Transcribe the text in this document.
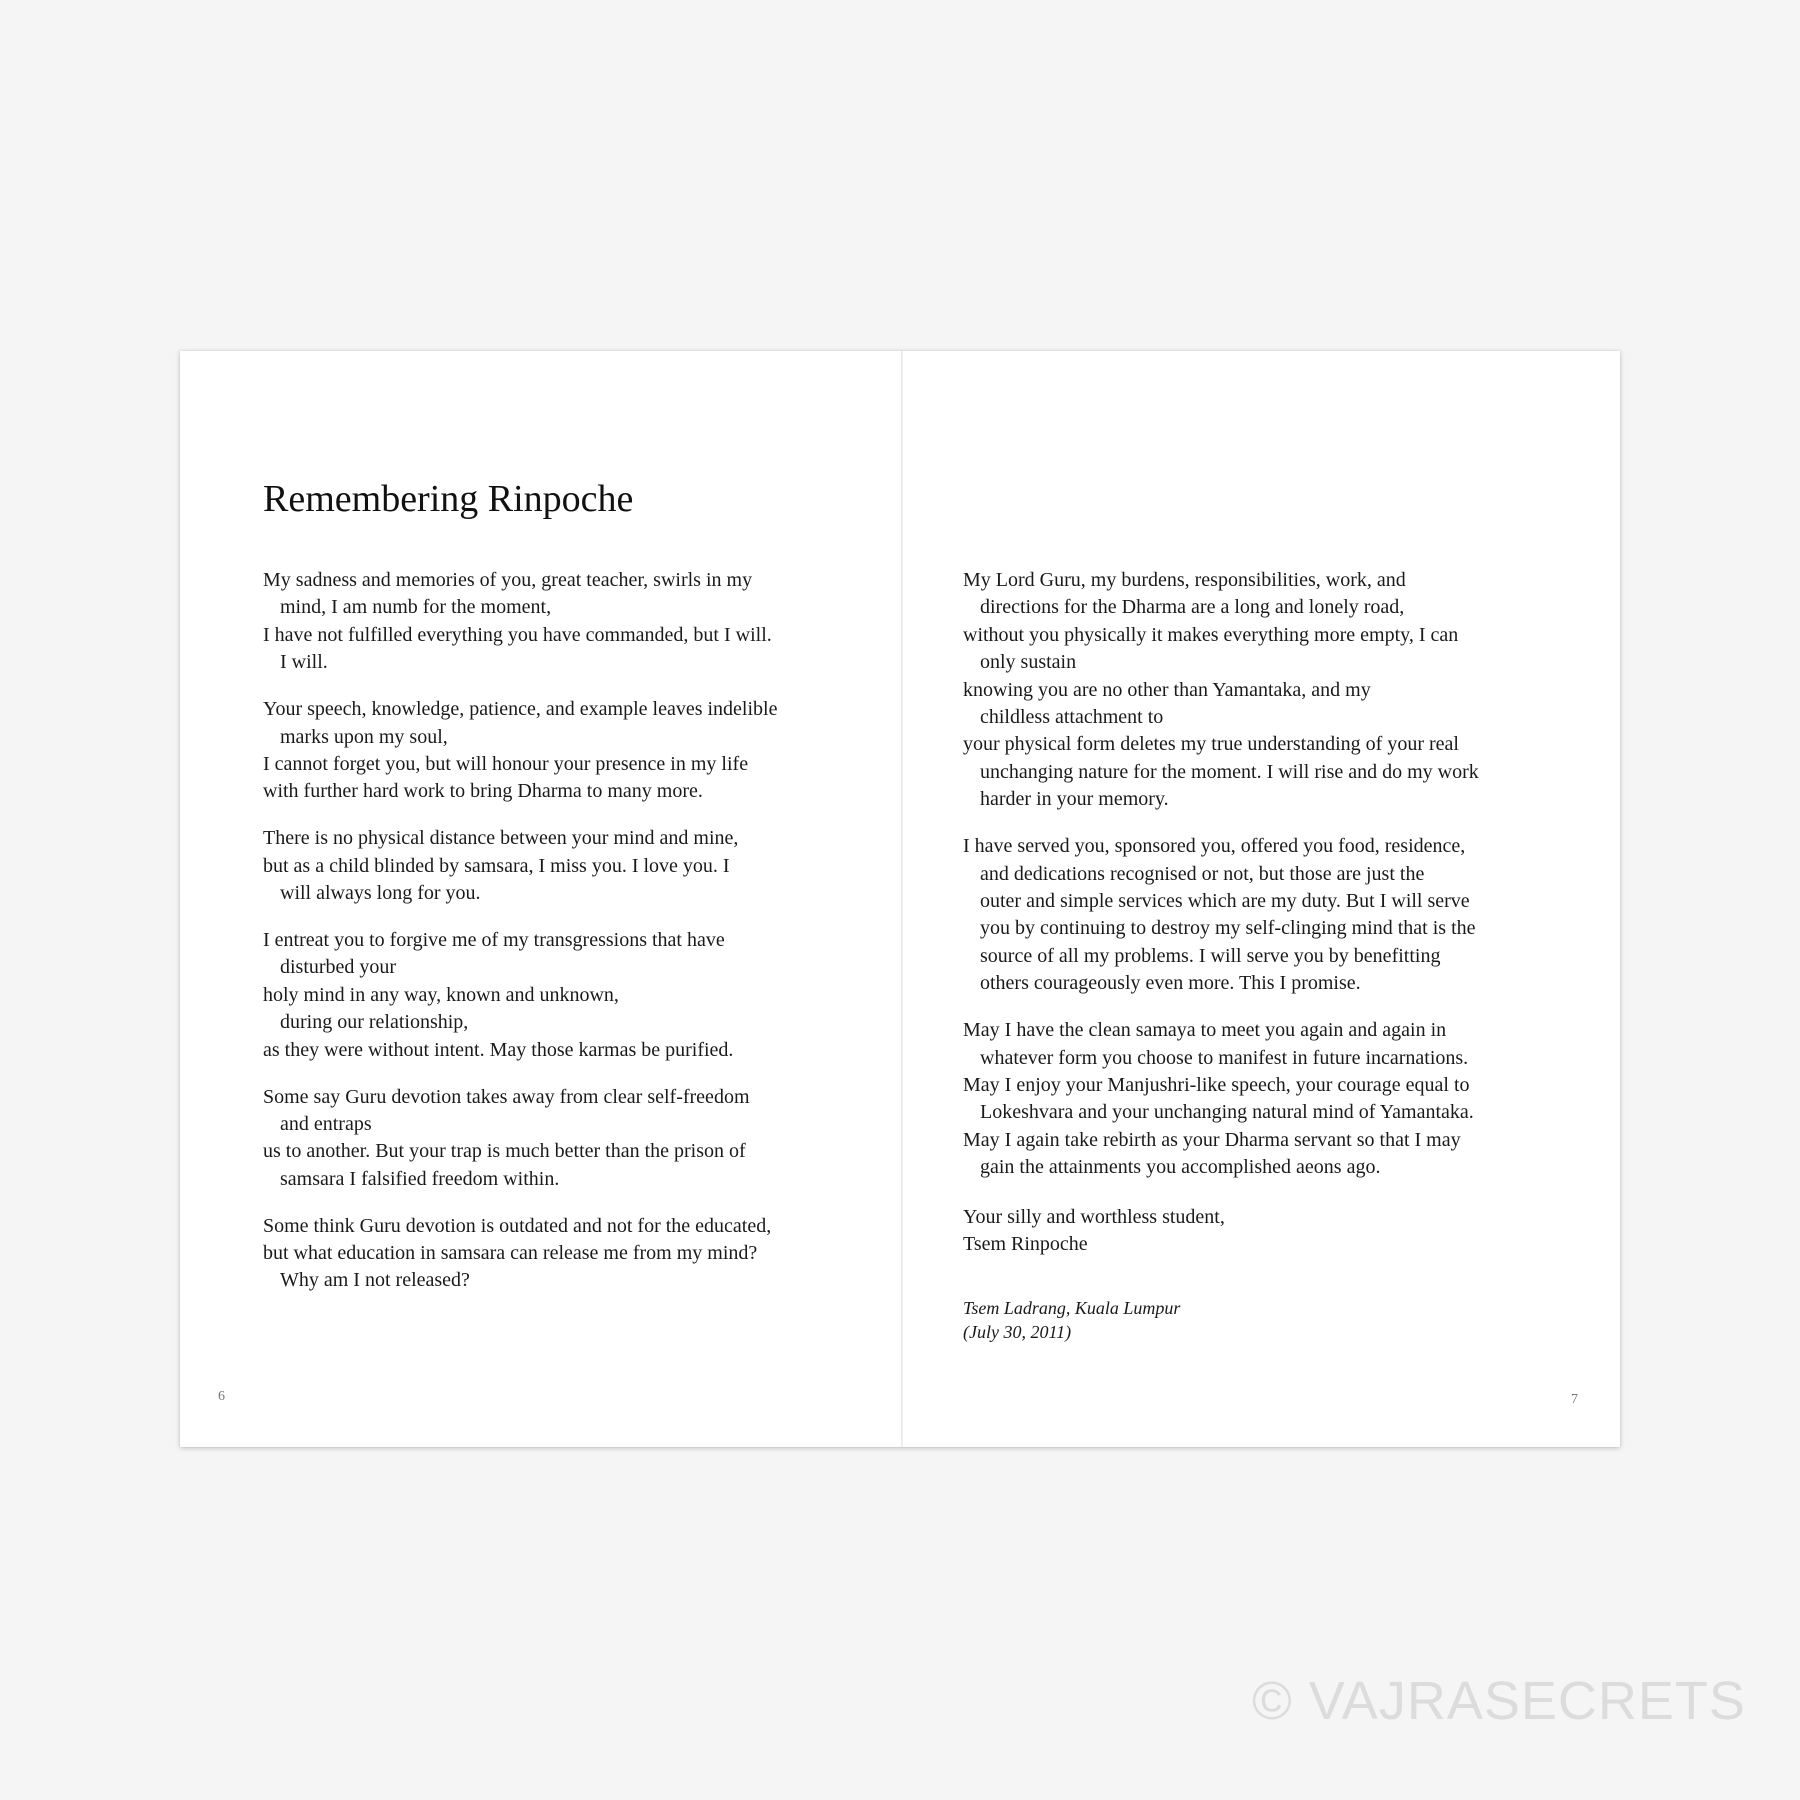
Remembering Rinpoche
My sadness and memories of you, great teacher, swirls in my
mind, I am numb for the moment,
I have not fulfilled everything you have commanded, but I will.
I will.
Your speech, knowledge, patience, and example leaves indelible
marks upon my soul,
I cannot forget you, but will honour your presence in my life
with further hard work to bring Dharma to many more.
There is no physical distance between your mind and mine,
but as a child blinded by samsara, I miss you. I love you. I
will always long for you.
I entreat you to forgive me of my transgressions that have
disturbed your
holy mind in any way, known and unknown,
during our relationship,
as they were without intent. May those karmas be purified.
Some say Guru devotion takes away from clear self-freedom
and entraps
us to another. But your trap is much better than the prison of
samsara I falsified freedom within.
Some think Guru devotion is outdated and not for the educated,
but what education in samsara can release me from my mind?
Why am I not released?
6
My Lord Guru, my burdens, responsibilities, work, and
directions for the Dharma are a long and lonely road,
without you physically it makes everything more empty, I can
only sustain
knowing you are no other than Yamantaka, and my
childless attachment to
your physical form deletes my true understanding of your real
unchanging nature for the moment. I will rise and do my work
harder in your memory.
I have served you, sponsored you, offered you food, residence,
and dedications recognised or not, but those are just the
outer and simple services which are my duty. But I will serve
you by continuing to destroy my self-clinging mind that is the
source of all my problems. I will serve you by benefitting
others courageously even more. This I promise.
May I have the clean samaya to meet you again and again in
whatever form you choose to manifest in future incarnations.
May I enjoy your Manjushri-like speech, your courage equal to
Lokeshvara and your unchanging natural mind of Yamantaka.
May I again take rebirth as your Dharma servant so that I may
gain the attainments you accomplished aeons ago.
Your silly and worthless student,
Tsem Rinpoche
Tsem Ladrang, Kuala Lumpur
(July 30, 2011)
7
© VAJRASECRETS
